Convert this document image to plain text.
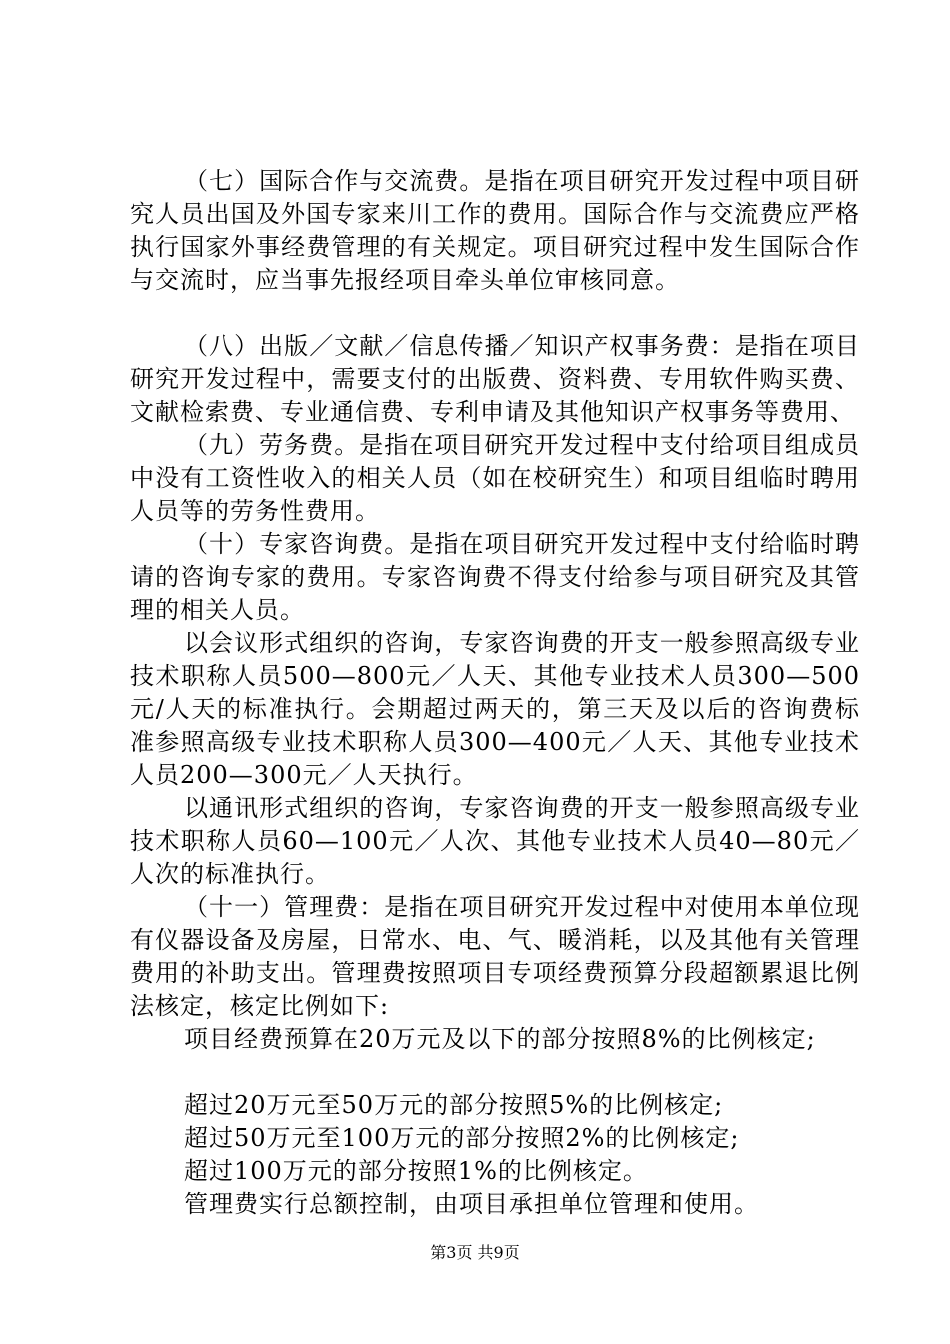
（七）国际合作与交流费。是指在项目研究开发过程中项目研究人员出国及外国专家来川工作的费用。国际合作与交流费应严格执行国家外事经费管理的有关规定。项目研究过程中发生国际合作与交流时，应当事先报经项目牵头单位审核同意。

（八）出版／文献／信息传播／知识产权事务费：是指在项目研究开发过程中，需要支付的出版费、资料费、专用软件购买费、文献检索费、专业通信费、专利申请及其他知识产权事务等费用、

（九）劳务费。是指在项目研究开发过程中支付给项目组成员中没有工资性收入的相关人员（如在校研究生）和项目组临时聘用人员等的劳务性费用。

（十）专家咨询费。是指在项目研究开发过程中支付给临时聘请的咨询专家的费用。专家咨询费不得支付给参与项目研究及其管理的相关人员。

以会议形式组织的咨询，专家咨询费的开支一般参照高级专业技术职称人员500—800元／人天、其他专业技术人员300—500元/人天的标准执行。会期超过两天的，第三天及以后的咨询费标准参照高级专业技术职称人员300—400元／人天、其他专业技术人员200—300元／人天执行。

以通讯形式组织的咨询，专家咨询费的开支一般参照高级专业技术职称人员60—100元／人次、其他专业技术人员40—80元／人次的标准执行。

（十一）管理费：是指在项目研究开发过程中对使用本单位现有仪器设备及房屋，日常水、电、气、暖消耗，以及其他有关管理费用的补助支出。管理费按照项目专项经费预算分段超额累退比例法核定，核定比例如下:

项目经费预算在20万元及以下的部分按照8%的比例核定;

超过20万元至50万元的部分按照5%的比例核定;

超过50万元至100万元的部分按照2%的比例核定;

超过100万元的部分按照1%的比例核定。

管理费实行总额控制，由项目承担单位管理和使用。

第3页 共9页
